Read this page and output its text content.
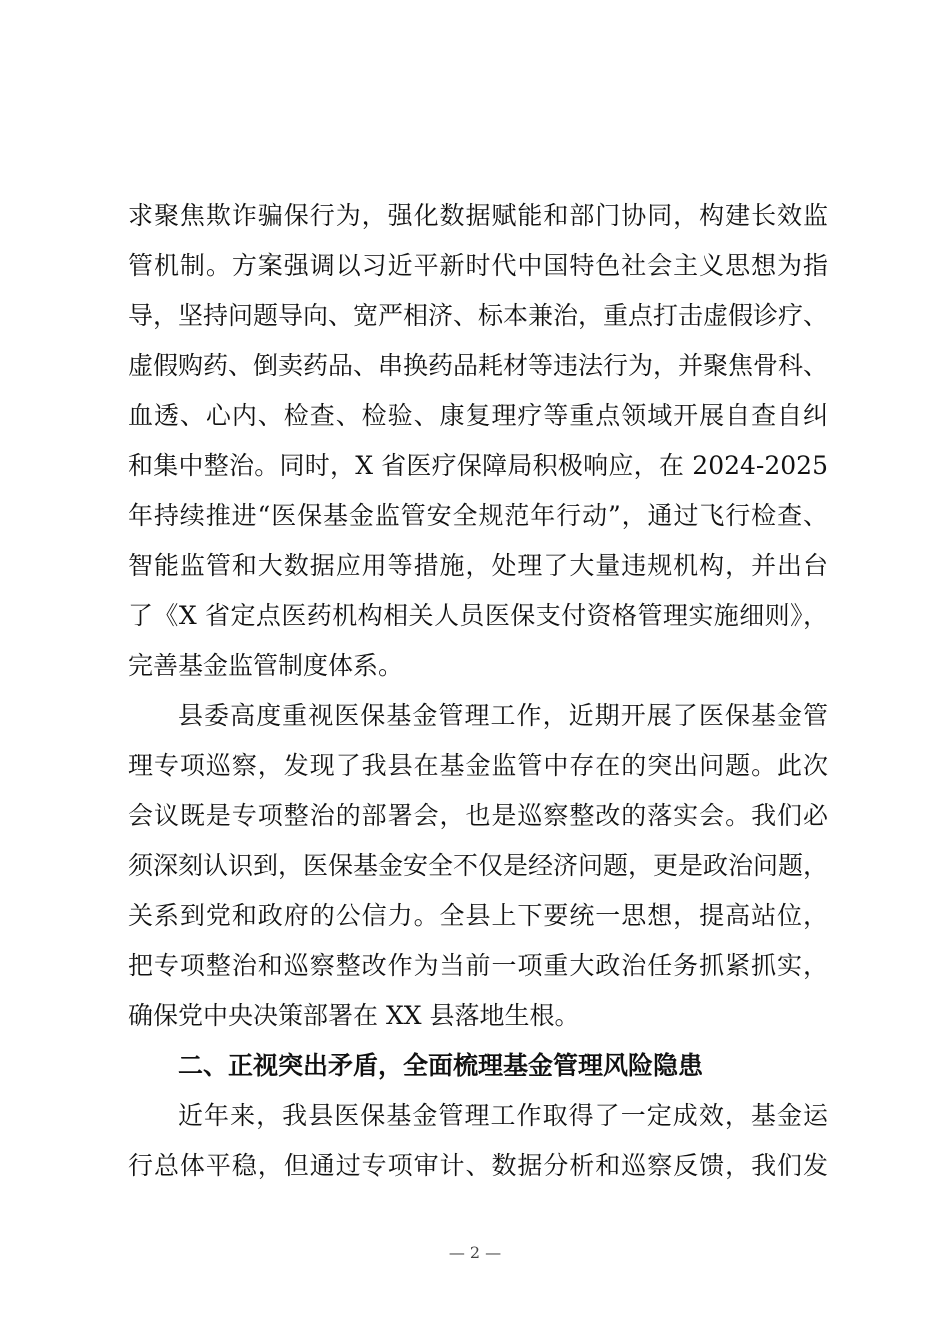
求聚焦欺诈骗保行为，强化数据赋能和部门协同，构建长效监
管机制。方案强调以习近平新时代中国特色社会主义思想为指
导，坚持问题导向、宽严相济、标本兼治，重点打击虚假诊疗、
虚假购药、倒卖药品、串换药品耗材等违法行为，并聚焦骨科、
血透、心内、检查、检验、康复理疗等重点领域开展自查自纠
和集中整治。同时，X 省医疗保障局积极响应，在 2024-2025
年持续推进“医保基金监管安全规范年行动”，通过飞行检查、
智能监管和大数据应用等措施，处理了大量违规机构，并出台
了《X 省定点医药机构相关人员医保支付资格管理实施细则》，
完善基金监管制度体系。
县委高度重视医保基金管理工作，近期开展了医保基金管
理专项巡察，发现了我县在基金监管中存在的突出问题。此次
会议既是专项整治的部署会，也是巡察整改的落实会。我们必
须深刻认识到，医保基金安全不仅是经济问题，更是政治问题，
关系到党和政府的公信力。全县上下要统一思想，提高站位，
把专项整治和巡察整改作为当前一项重大政治任务抓紧抓实，
确保党中央决策部署在 XX 县落地生根。
二、正视突出矛盾，全面梳理基金管理风险隐患
近年来，我县医保基金管理工作取得了一定成效，基金运
行总体平稳，但通过专项审计、数据分析和巡察反馈，我们发
— 2 —
